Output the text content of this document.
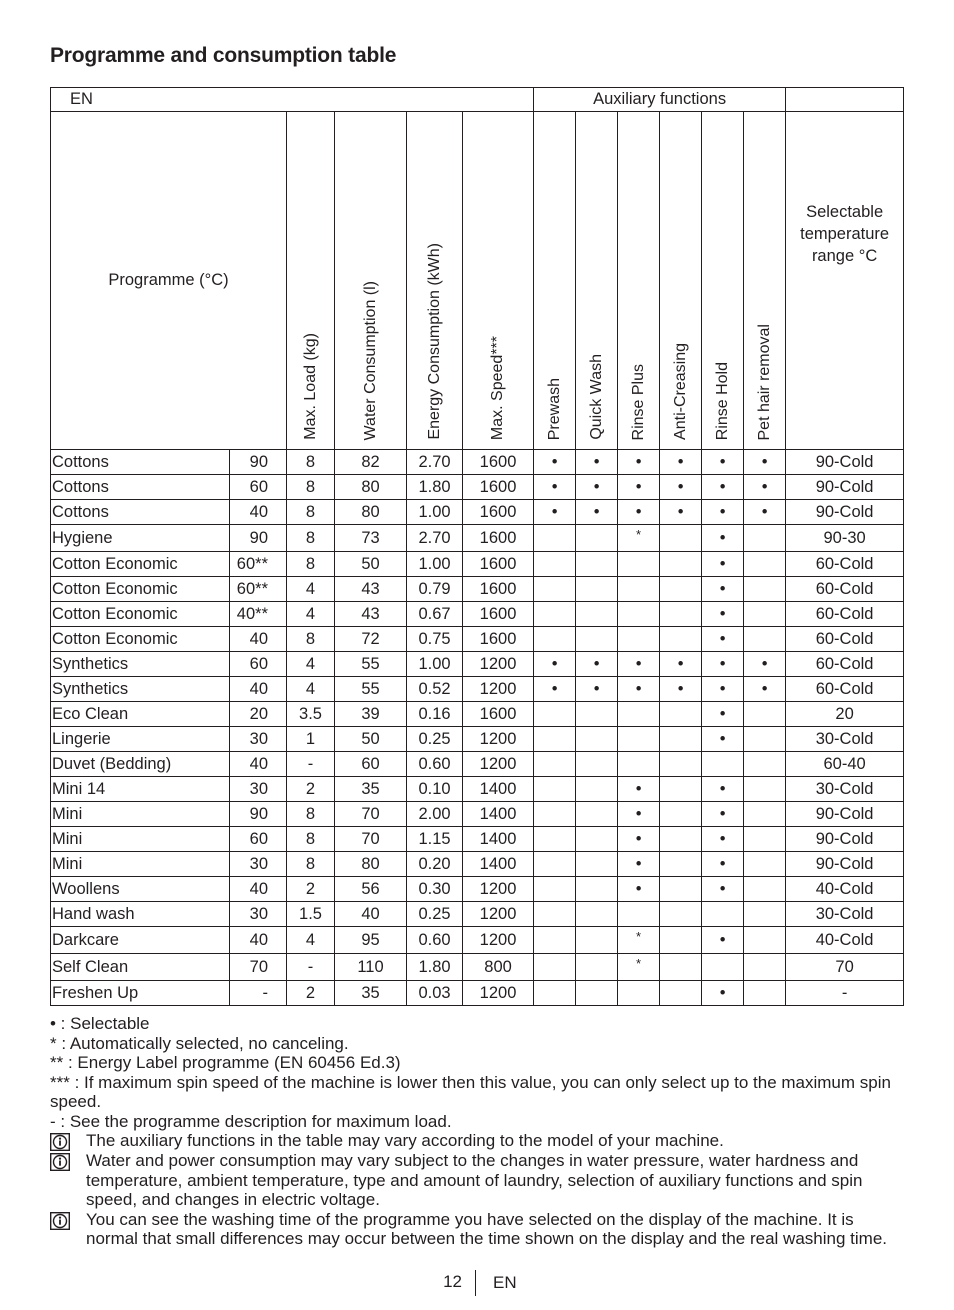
Programme and consumption table
EN						Auxiliary functions						
Programme (°C)		Max. Load (kg)	Water Consumption (l)	Energy Consumption (kWh)	Max. Speed***	Prewash	Quick Wash	Rinse Plus	Anti-Creasing	Rinse Hold	Pet hair removal	Selectable temperature range °C
Cottons	90	8	82	2.70	1600	•	•	•	•	•	•	90-Cold
Cottons	60	8	80	1.80	1600	•	•	•	•	•	•	90-Cold
Cottons	40	8	80	1.00	1600	•	•	•	•	•	•	90-Cold
Hygiene	90	8	73	2.70	1600			*		•		90-30
Cotton Economic	60**	8	50	1.00	1600					•		60-Cold
Cotton Economic	60**	4	43	0.79	1600					•		60-Cold
Cotton Economic	40**	4	43	0.67	1600					•		60-Cold
Cotton Economic	40	8	72	0.75	1600					•		60-Cold
Synthetics	60	4	55	1.00	1200	•	•	•	•	•	•	60-Cold
Synthetics	40	4	55	0.52	1200	•	•	•	•	•	•	60-Cold
Eco Clean	20	3.5	39	0.16	1600					•		20
Lingerie	30	1	50	0.25	1200					•		30-Cold
Duvet (Bedding)	40	-	60	0.60	1200							60-40
Mini 14	30	2	35	0.10	1400			•		•		30-Cold
Mini	90	8	70	2.00	1400			•		•		90-Cold
Mini	60	8	70	1.15	1400			•		•		90-Cold
Mini	30	8	80	0.20	1400			•		•		90-Cold
Woollens	40	2	56	0.30	1200			•		•		40-Cold
Hand wash	30	1.5	40	0.25	1200							30-Cold
Darkcare	40	4	95	0.60	1200			*		•		40-Cold
Self Clean	70	-	110	1.80	800			*				70
Freshen Up	-	2	35	0.03	1200					•		-

• : Selectable

* : Automatically selected, no canceling.

** : Energy Label programme (EN 60456 Ed.3)

*** : If maximum spin speed of the machine is lower then this value, you can only select up to the maximum spin speed.

- : See the programme description for maximum load.

The auxiliary functions in the table may vary according to the model of your machine.
Water and power consumption may vary subject to the changes in water pressure, water hardness and temperature, ambient temperature, type and amount of laundry, selection of auxiliary functions and spin speed, and changes in electric voltage.
You can see the washing time of the programme you have selected on the display of the machine. It is normal that small differences may occur between the time shown on the display and the real washing time.
12 EN
